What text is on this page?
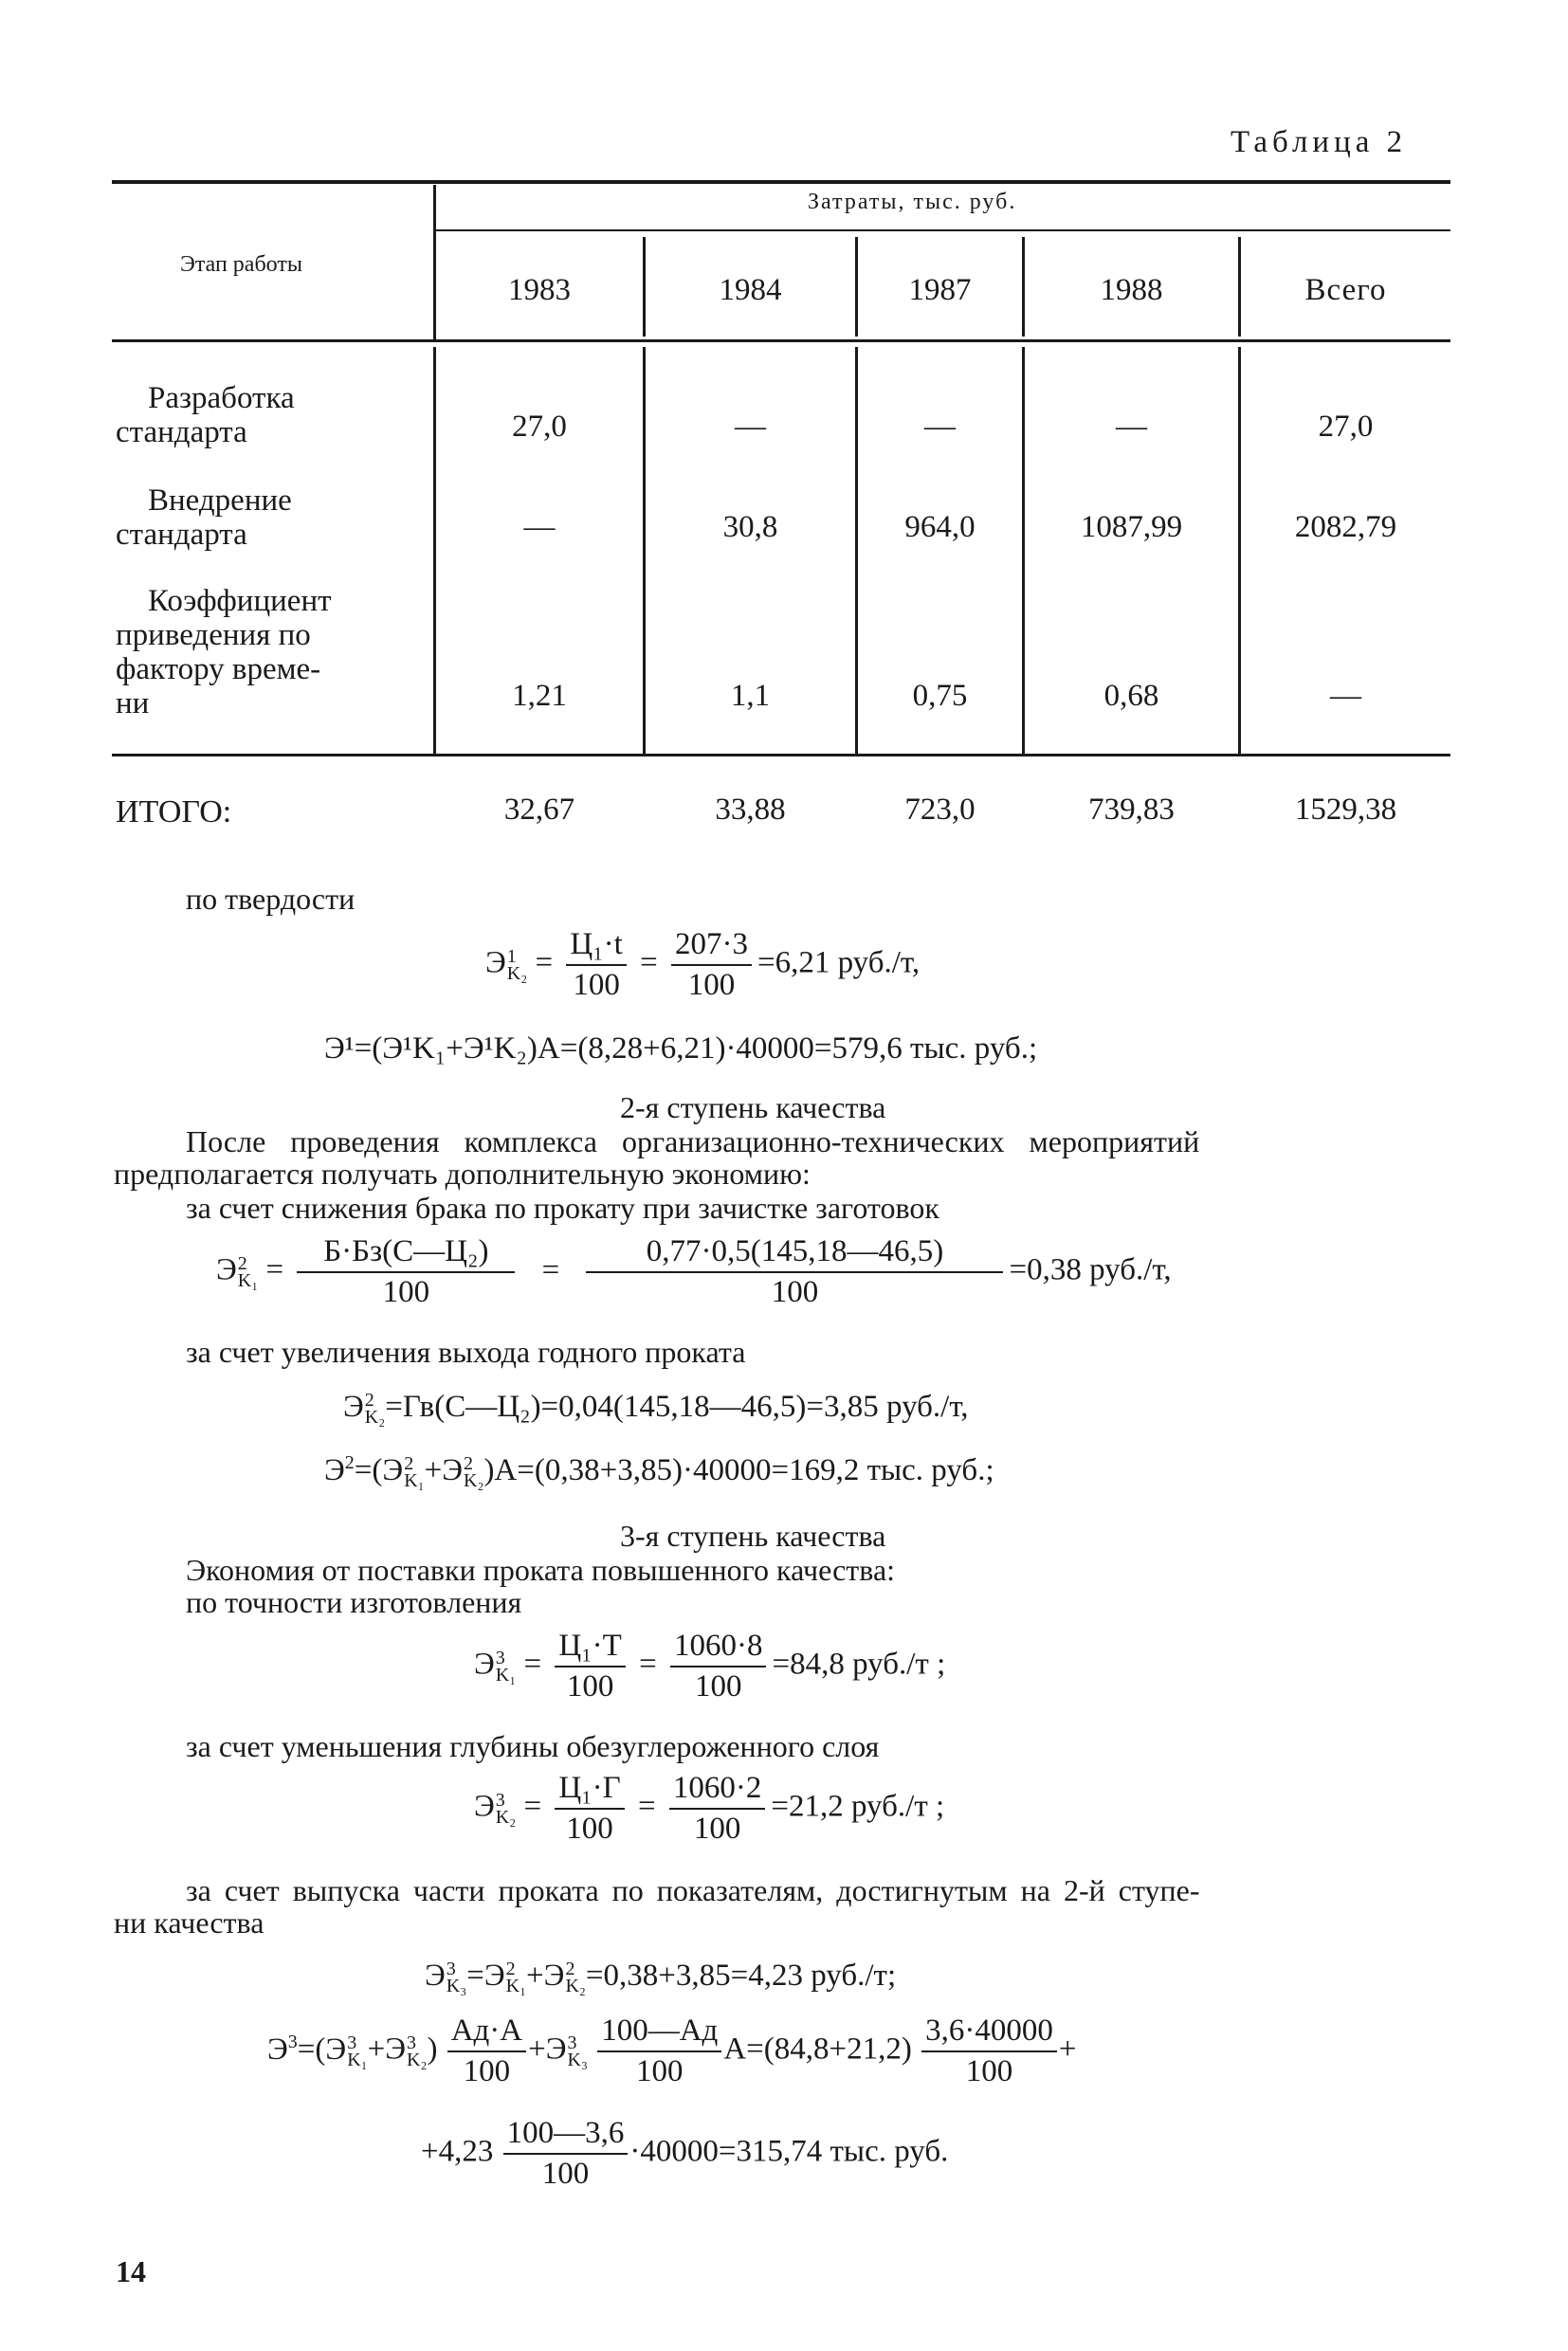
Таблица 2
Этап работы
Затраты, тыс. руб.
1983	1984	1987	1988	Всего
Разработка
стандарта	27,0	—	—	—	27,0
Внедрение
стандарта	—	30,8	964,0	1087,99	2082,79
Коэффициент
приведения по
фактору време-
ни	1,21	1,1	0,75	0,68	—
ИТОГО:	32,67	33,88	723,0	739,83	1529,38
по твердости
Э 1
K₂ =
Ц₁·t
100
= $\frac{207\cdot 3}{100} =6,21$ руб./т,
Э¹=(Э¹K₁+Э¹K₂)A=(8,28+6,21)·40000=579,6 тыс. руб.;
2-я ступень качества
После проведения комплекса организационно-технических мероприятий
предполагается получать дополнительную экономию:
за счет снижения брака по прокату при зачистке заготовок
Э 2
K₁ =
Б·Бз(С—Ц₂)
100
= $\frac{0,77\cdot 0,5(145,18—46,5)}{100} =0,38$ руб./т,
за счет увеличения выхода годного проката
Э 2
K₂ =Гв(С—Ц₂)=0,04(145,18—46,5)=3,85 руб./т,
$Э^2=(Э$ 2
K₁ +Э 2
K₂ )A=(0,38+3,85)·40000=169,2 тыс. руб.;
3-я ступень качества
Экономия от поставки проката повышенного качества:
по точности изготовления
Э 3
K₁ =
Ц₁·Т
100
= $\frac{1060\cdot 8}{100} =84,8$ руб./т ;
за счет уменьшения глубины обезуглероженного слоя
Э 3
K₂ =
Ц₁·Г
100
= $\frac{1060\cdot 2}{100} =21,2$ руб./т ;
за счет выпуска части проката по показателям, достигнутым на 2-й ступе-
ни качества
Э 3
K₃ =Э 2
K₁ +Э 2
K₂ =0,38+3,85=4,23 руб./т;
$Э^3=(Э$ 3
K₁ +Э 3
K₂ )
Aд·A
100
+Э 3
K₃

100—Aд
100
$A=(84,8+21,2) \frac{3,6\cdot 40000}{100}$ +
$+4,23 \frac{100—3,6}{100} \cdot 40000=315,74$ тыс. руб.
14
